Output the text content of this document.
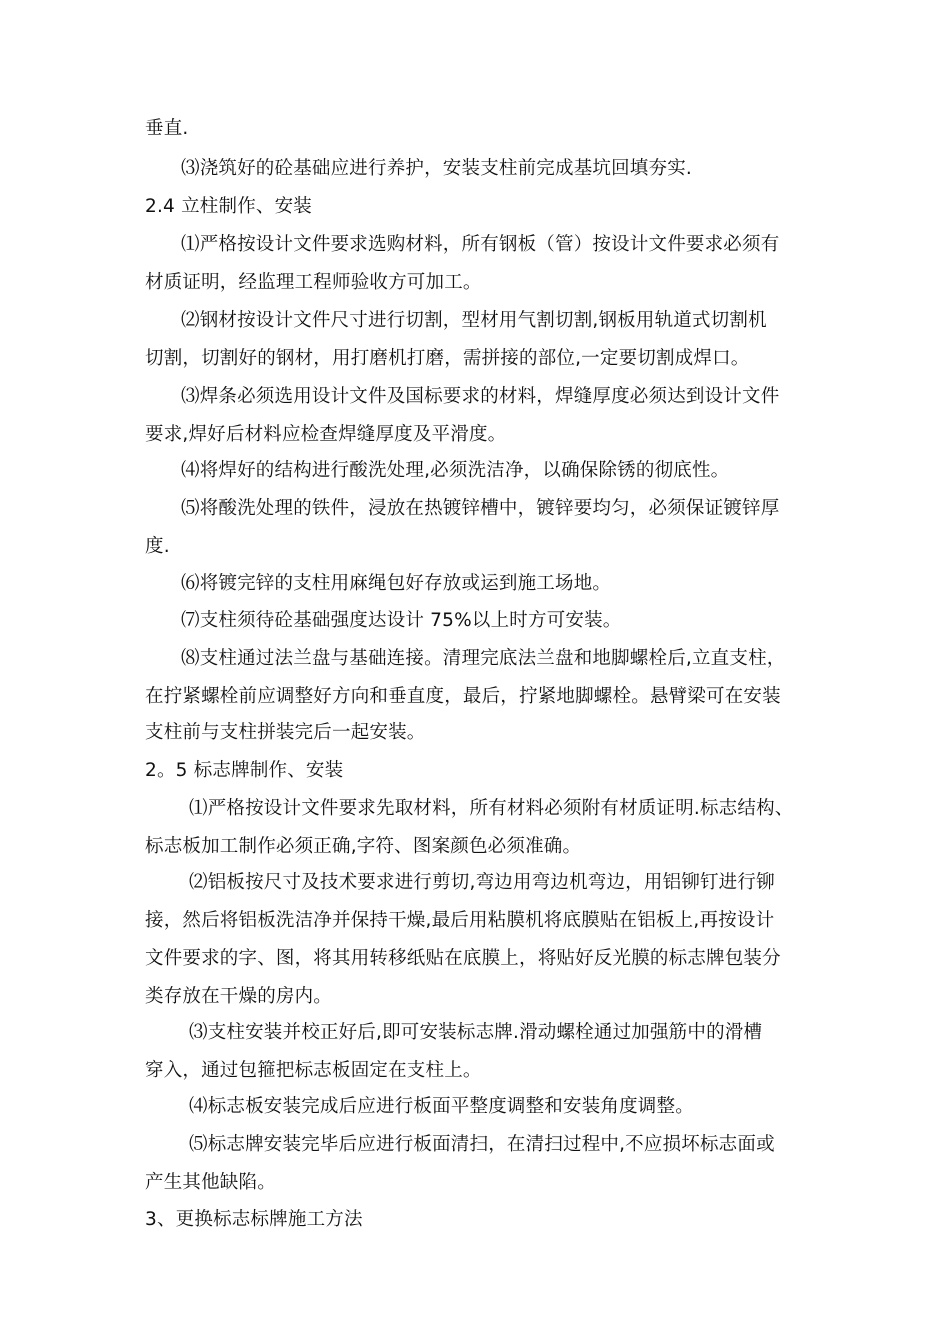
垂直.
⑶浇筑好的砼基础应进行养护，安装支柱前完成基坑回填夯实.
2.4 立柱制作、安装
⑴严格按设计文件要求选购材料，所有钢板（管）按设计文件要求必须有
材质证明，经监理工程师验收方可加工。
⑵钢材按设计文件尺寸进行切割，型材用气割切割,钢板用轨道式切割机
切割，切割好的钢材，用打磨机打磨，需拼接的部位,一定要切割成焊口。
⑶焊条必须选用设计文件及国标要求的材料，焊缝厚度必须达到设计文件
要求,焊好后材料应检查焊缝厚度及平滑度。
⑷将焊好的结构进行酸洗处理,必须洗洁净，以确保除锈的彻底性。
⑸将酸洗处理的铁件，浸放在热镀锌槽中，镀锌要均匀，必须保证镀锌厚
度.
⑹将镀完锌的支柱用麻绳包好存放或运到施工场地。
⑺支柱须待砼基础强度达设计 75%以上时方可安装。
⑻支柱通过法兰盘与基础连接。清理完底法兰盘和地脚螺栓后,立直支柱，
在拧紧螺栓前应调整好方向和垂直度，最后，拧紧地脚螺栓。悬臂梁可在安装
支柱前与支柱拼装完后一起安装。
2。5 标志牌制作、安装
⑴严格按设计文件要求先取材料，所有材料必须附有材质证明.标志结构、
标志板加工制作必须正确,字符、图案颜色必须准确。
⑵铝板按尺寸及技术要求进行剪切,弯边用弯边机弯边，用铝铆钉进行铆
接，然后将铝板洗洁净并保持干燥,最后用粘膜机将底膜贴在铝板上,再按设计
文件要求的字、图，将其用转移纸贴在底膜上，将贴好反光膜的标志牌包装分
类存放在干燥的房内。
⑶支柱安装并校正好后,即可安装标志牌.滑动螺栓通过加强筋中的滑槽
穿入，通过包箍把标志板固定在支柱上。
⑷标志板安装完成后应进行板面平整度调整和安装角度调整。
⑸标志牌安装完毕后应进行板面清扫，在清扫过程中,不应损坏标志面或
产生其他缺陷。
3、更换标志标牌施工方法
